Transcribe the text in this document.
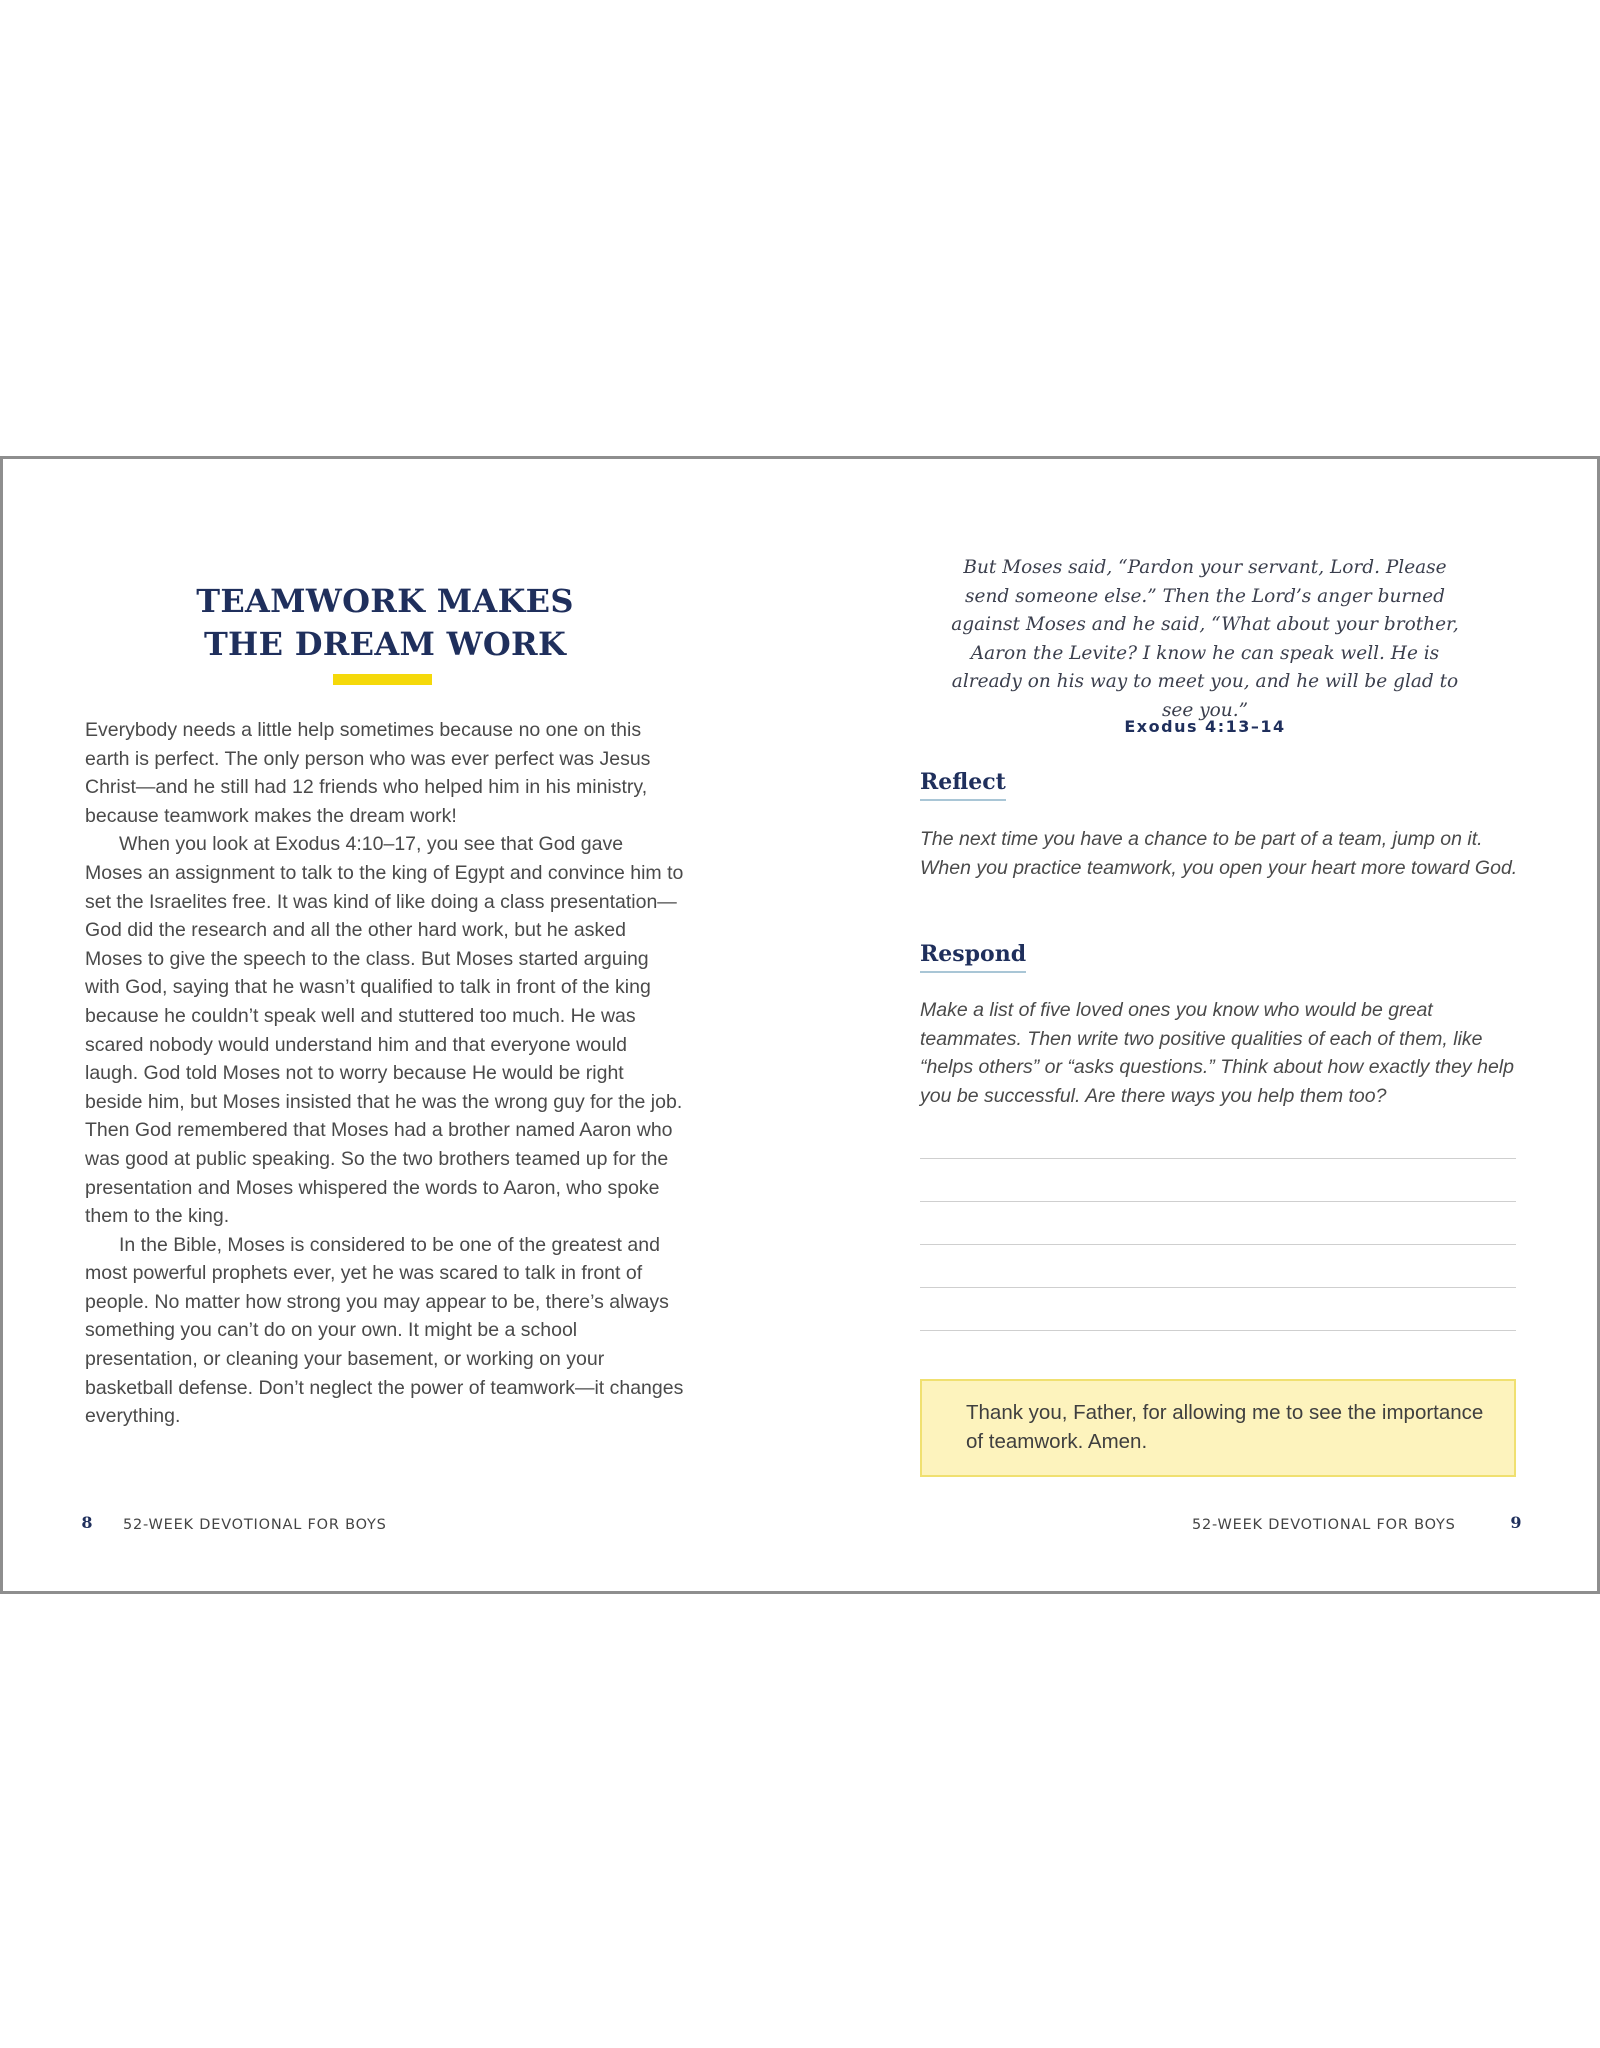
TEAMWORK MAKES
THE DREAM WORK

Everybody needs a little help sometimes because no one on this earth is perfect. The only person who was ever perfect was Jesus Christ—and he still had 12 friends who helped him in his ministry, because teamwork makes the dream work!

When you look at Exodus 4:10–17, you see that God gave Moses an assignment to talk to the king of Egypt and convince him to set the Israelites free. It was kind of like doing a class presentation—God did the research and all the other hard work, but he asked Moses to give the speech to the class. But Moses started arguing with God, saying that he wasn’t qualified to talk in front of the king because he couldn’t speak well and stuttered too much. He was scared nobody would understand him and that everyone would laugh. God told Moses not to worry because He would be right beside him, but Moses insisted that he was the wrong guy for the job. Then God remembered that Moses had a brother named Aaron who was good at public speaking. So the two brothers teamed up for the presentation and Moses whispered the words to Aaron, who spoke them to the king.

In the Bible, Moses is considered to be one of the greatest and most powerful prophets ever, yet he was scared to talk in front of people. No matter how strong you may appear to be, there’s always something you can’t do on your own. It might be a school presentation, or cleaning your basement, or working on your basketball defense. Don’t neglect the power of teamwork—it changes everything.

8	52-WEEK DEVOTIONAL FOR BOYS
But Moses said, “Pardon your servant, Lord. Please send someone else.” Then the Lord’s anger burned against Moses and he said, “What about your brother, Aaron the Levite? I know he can speak well. He is already on his way to meet you, and he will be glad to see you.”
Exodus 4:13–14
Reflect
The next time you have a chance to be part of a team, jump on it. When you practice teamwork, you open your heart more toward God.
Respond
Make a list of five loved ones you know who would be great teammates. Then write two positive qualities of each of them, like “helps others” or “asks questions.” Think about how exactly they help you be successful. Are there ways you help them too?
Thank you, Father, for allowing me to see the importance of teamwork. Amen.
52-WEEK DEVOTIONAL FOR BOYS	9
